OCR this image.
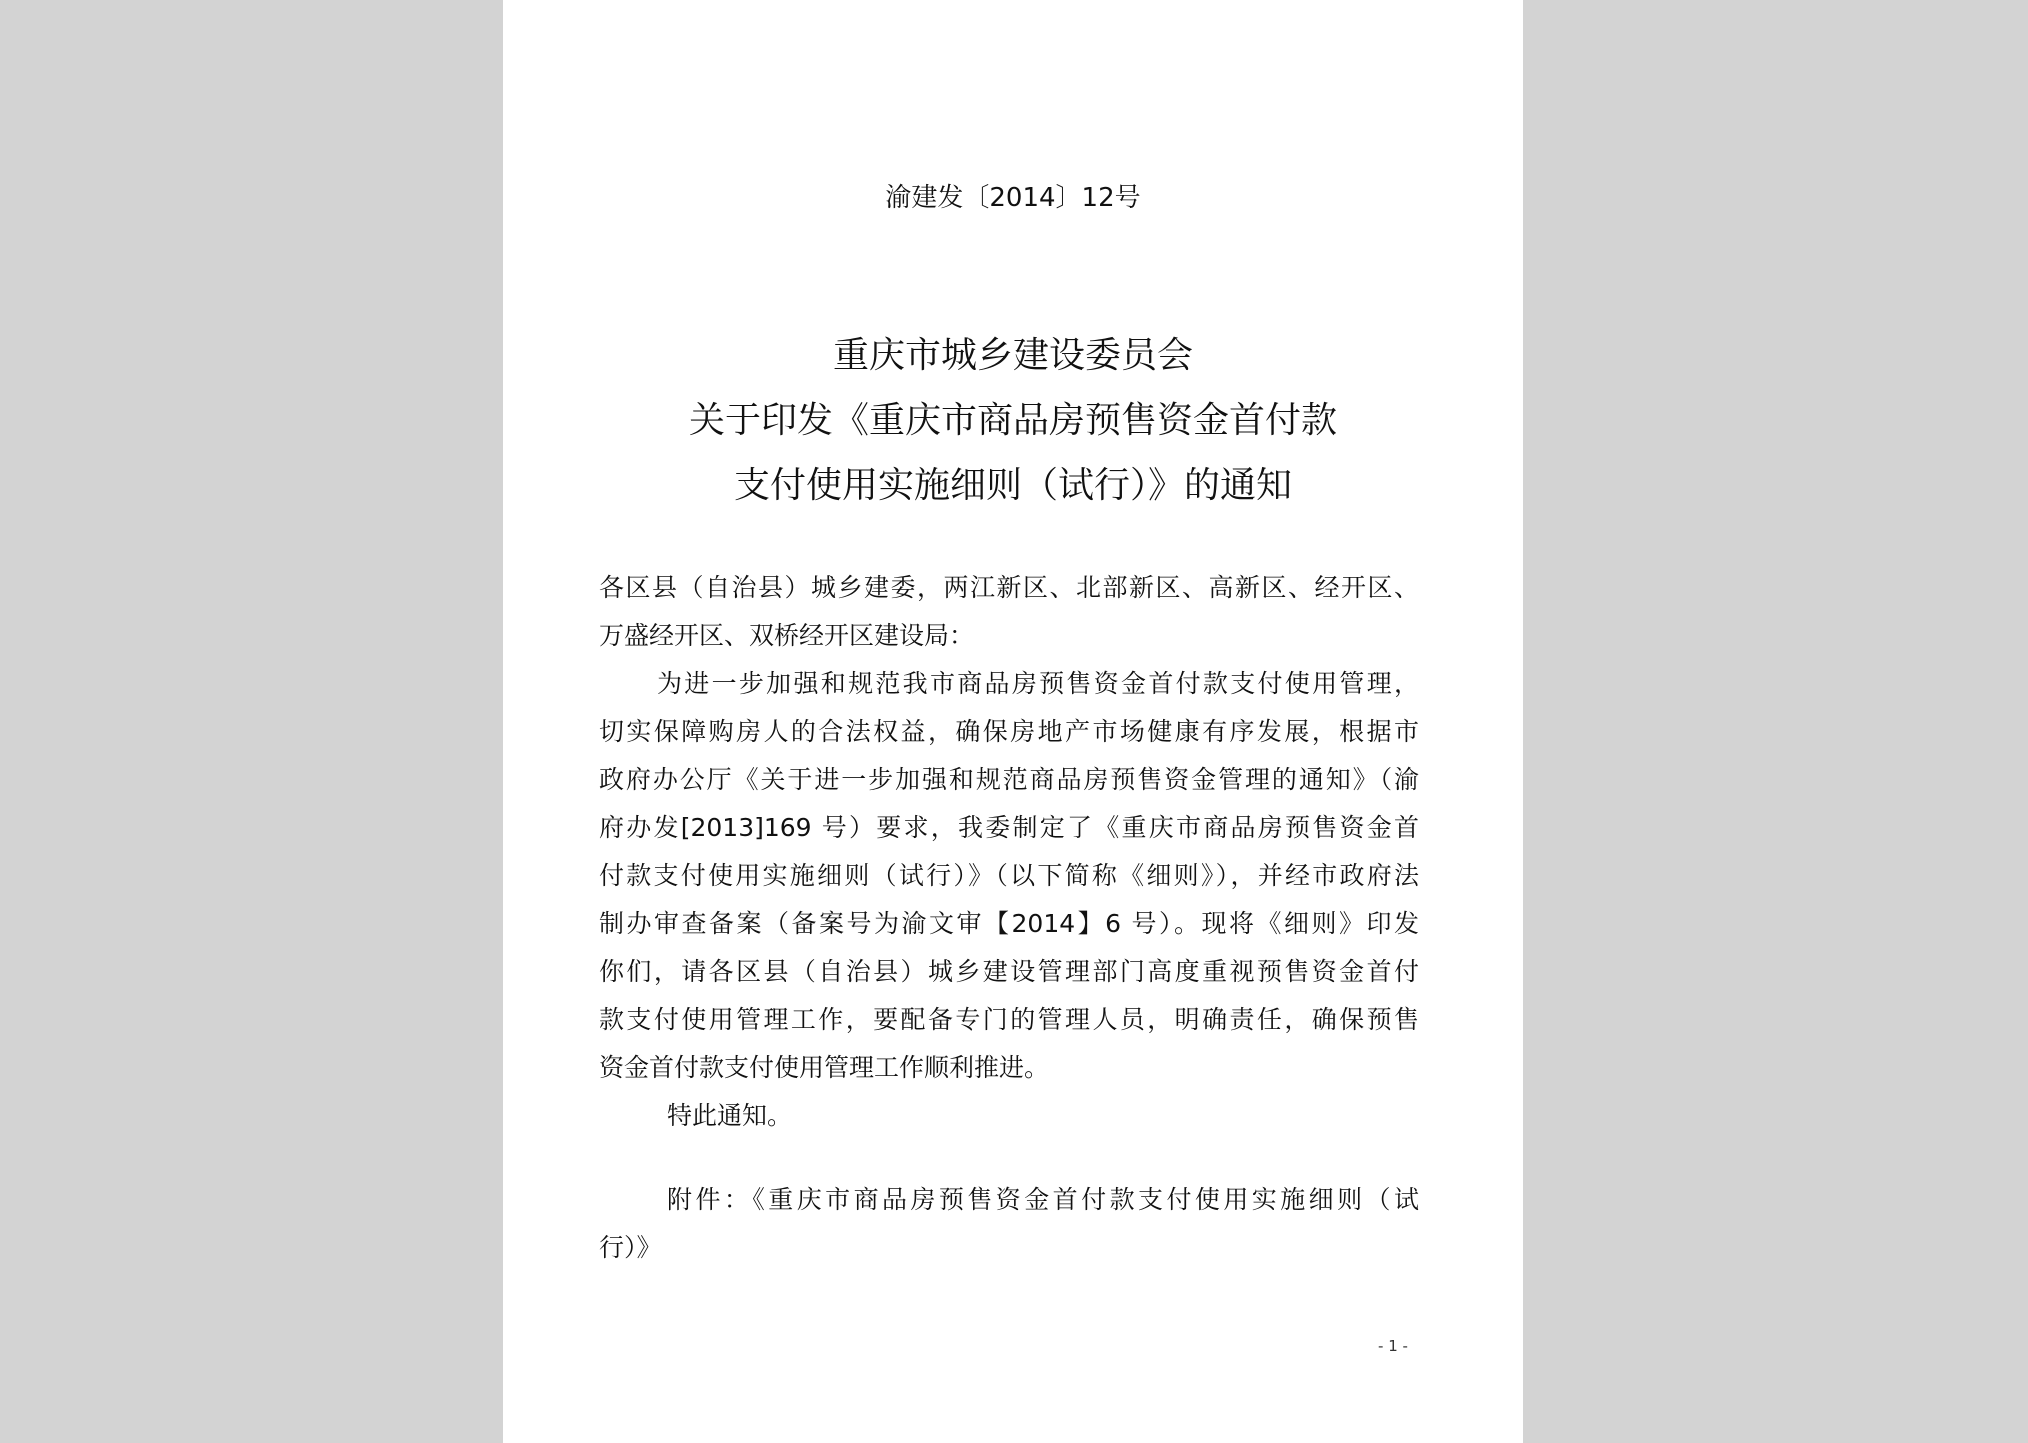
渝建发〔2014〕12号
重庆市城乡建设委员会
关于印发《重庆市商品房预售资金首付款
支付使用实施细则（试行）》的通知
各区县（自治县）城乡建委，两江新区、北部新区、高新区、经开区、
万盛经开区、双桥经开区建设局：
为进一步加强和规范我市商品房预售资金首付款支付使用管理，
切实保障购房人的合法权益，确保房地产市场健康有序发展，根据市
政府办公厅《关于进一步加强和规范商品房预售资金管理的通知》（渝
府办发[2013]169 号）要求，我委制定了《重庆市商品房预售资金首
付款支付使用实施细则（试行）》（以下简称《细则》），并经市政府法
制办审查备案（备案号为渝文审【2014】6 号）。现将《细则》印发
你们，请各区县（自治县）城乡建设管理部门高度重视预售资金首付
款支付使用管理工作，要配备专门的管理人员，明确责任，确保预售
资金首付款支付使用管理工作顺利推进。
特此通知。
附件：《重庆市商品房预售资金首付款支付使用实施细则（试
行）》
- 1 -
